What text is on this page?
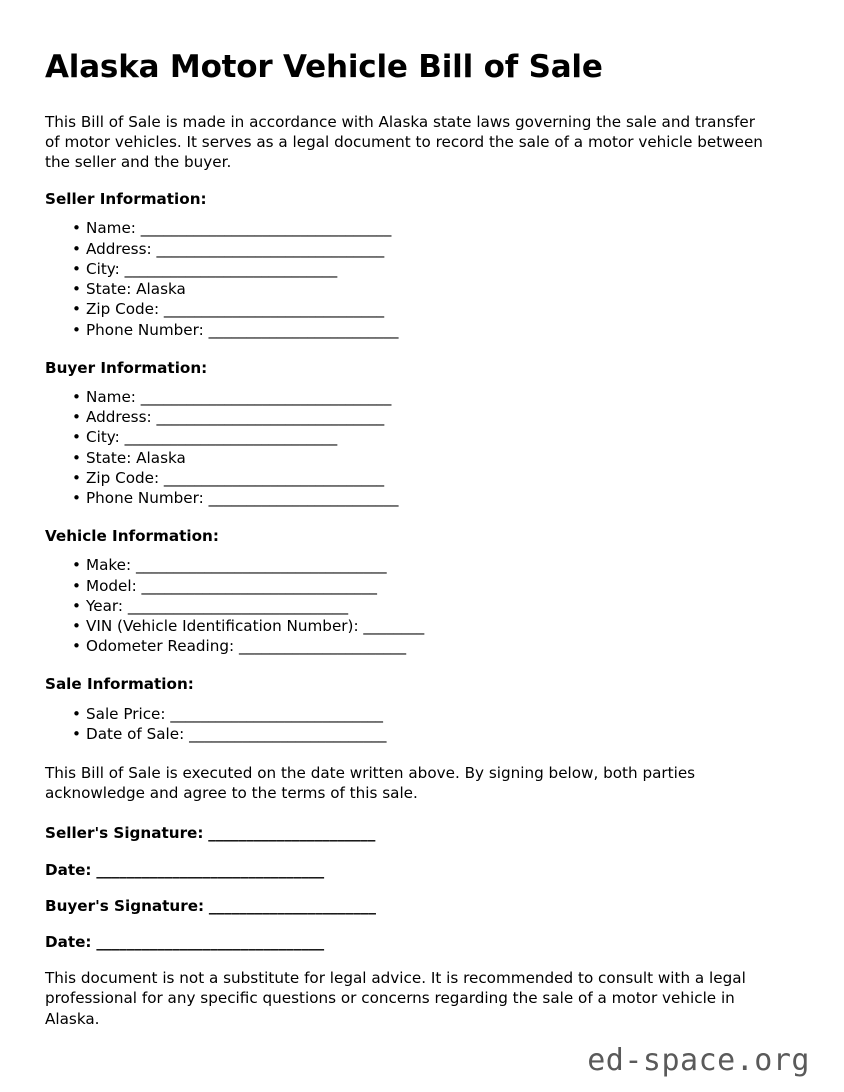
Alaska Motor Vehicle Bill of Sale

This Bill of Sale is made in accordance with Alaska state laws governing the sale and transfer of motor vehicles. It serves as a legal document to record the sale of a motor vehicle between the seller and the buyer.

Seller Information:
• Name: _________________________________
• Address: ______________________________
• City: ____________________________
• State: Alaska
• Zip Code: _____________________________
• Phone Number: _________________________
Buyer Information:
• Name: _________________________________
• Address: ______________________________
• City: ____________________________
• State: Alaska
• Zip Code: _____________________________
• Phone Number: _________________________
Vehicle Information:
• Make: _________________________________
• Model: _______________________________
• Year: _____________________________
• VIN (Vehicle Identification Number): ________
• Odometer Reading: ______________________
Sale Information:
• Sale Price: ____________________________
• Date of Sale: __________________________

This Bill of Sale is executed on the date written above. By signing below, both parties acknowledge and agree to the terms of this sale.

Seller's Signature: ______________________
Date: ______________________________
Buyer's Signature: ______________________
Date: ______________________________

This document is not a substitute for legal advice. It is recommended to consult with a legal professional for any specific questions or concerns regarding the sale of a motor vehicle in Alaska.

ed-space.org
